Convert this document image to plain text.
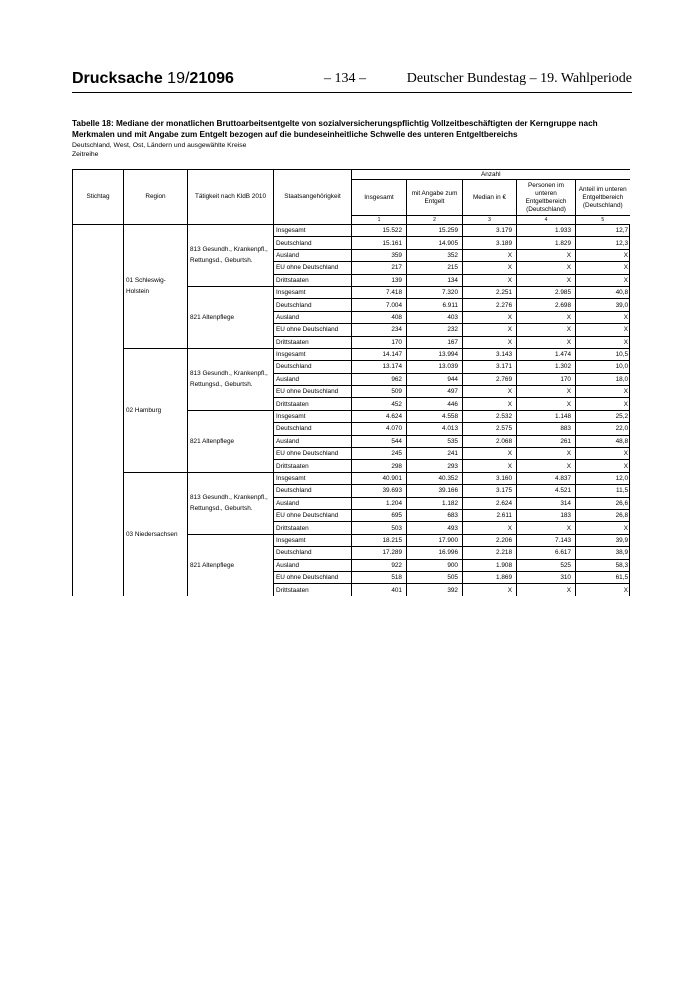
Drucksache 19/21096	– 134 –	Deutscher Bundestag – 19. Wahlperiode
Tabelle 18: Mediane der monatlichen Bruttoarbeitsentgelte von sozialversicherungspflichtig Vollzeitbeschäftigten der Kerngruppe nach Merkmalen und mit Angabe zum Entgelt bezogen auf die bundeseinheitliche Schwelle des unteren Entgeltbereichs
Deutschland, West, Ost, Ländern und ausgewählte Kreise
Zeitreihe
Stichtag	Region	Tätigkeit nach KldB 2010	Staatsangehörigkeit	Anzahl				
				Insgesamt	mit Angabe zum Entgelt	Median in €	Personen im unteren Entgeltbereich (Deutschland)	Anteil im unteren Entgeltbereich (Deutschland)
				1	2	3	4	5
	01 Schleswig-Holstein	813 Gesundh., Krankenpfl., Rettungsd., Geburtsh.	Insgesamt	15.522	15.259	3.179	1.933	12,7
			Deutschland	15.161	14.905	3.189	1.829	12,3
			Ausland	359	352	X	X	X
			EU ohne Deutschland	217	215	X	X	X
			Drittstaaten	139	134	X	X	X
		821 Altenpflege	Insgesamt	7.418	7.320	2.251	2.985	40,8
			Deutschland	7.004	6.911	2.276	2.698	39,0
			Ausland	408	403	X	X	X
			EU ohne Deutschland	234	232	X	X	X
			Drittstaaten	170	167	X	X	X
	02 Hamburg	813 Gesundh., Krankenpfl., Rettungsd., Geburtsh.	Insgesamt	14.147	13.994	3.143	1.474	10,5
			Deutschland	13.174	13.039	3.171	1.302	10,0
			Ausland	962	944	2.769	170	18,0
			EU ohne Deutschland	509	497	X	X	X
			Drittstaaten	452	446	X	X	X
		821 Altenpflege	Insgesamt	4.624	4.558	2.532	1.148	25,2
			Deutschland	4.070	4.013	2.575	883	22,0
			Ausland	544	535	2.068	261	48,8
			EU ohne Deutschland	245	241	X	X	X
			Drittstaaten	298	293	X	X	X
	03 Niedersachsen	813 Gesundh., Krankenpfl., Rettungsd., Geburtsh.	Insgesamt	40.901	40.352	3.160	4.837	12,0
			Deutschland	39.693	39.166	3.175	4.521	11,5
			Ausland	1.204	1.182	2.624	314	26,6
			EU ohne Deutschland	695	683	2.611	183	26,8
			Drittstaaten	503	493	X	X	X
		821 Altenpflege	Insgesamt	18.215	17.900	2.206	7.143	39,9
			Deutschland	17.289	16.996	2.218	6.617	38,9
			Ausland	922	900	1.908	525	58,3
			EU ohne Deutschland	518	505	1.869	310	61,5
			Drittstaaten	401	392	X	X	X
